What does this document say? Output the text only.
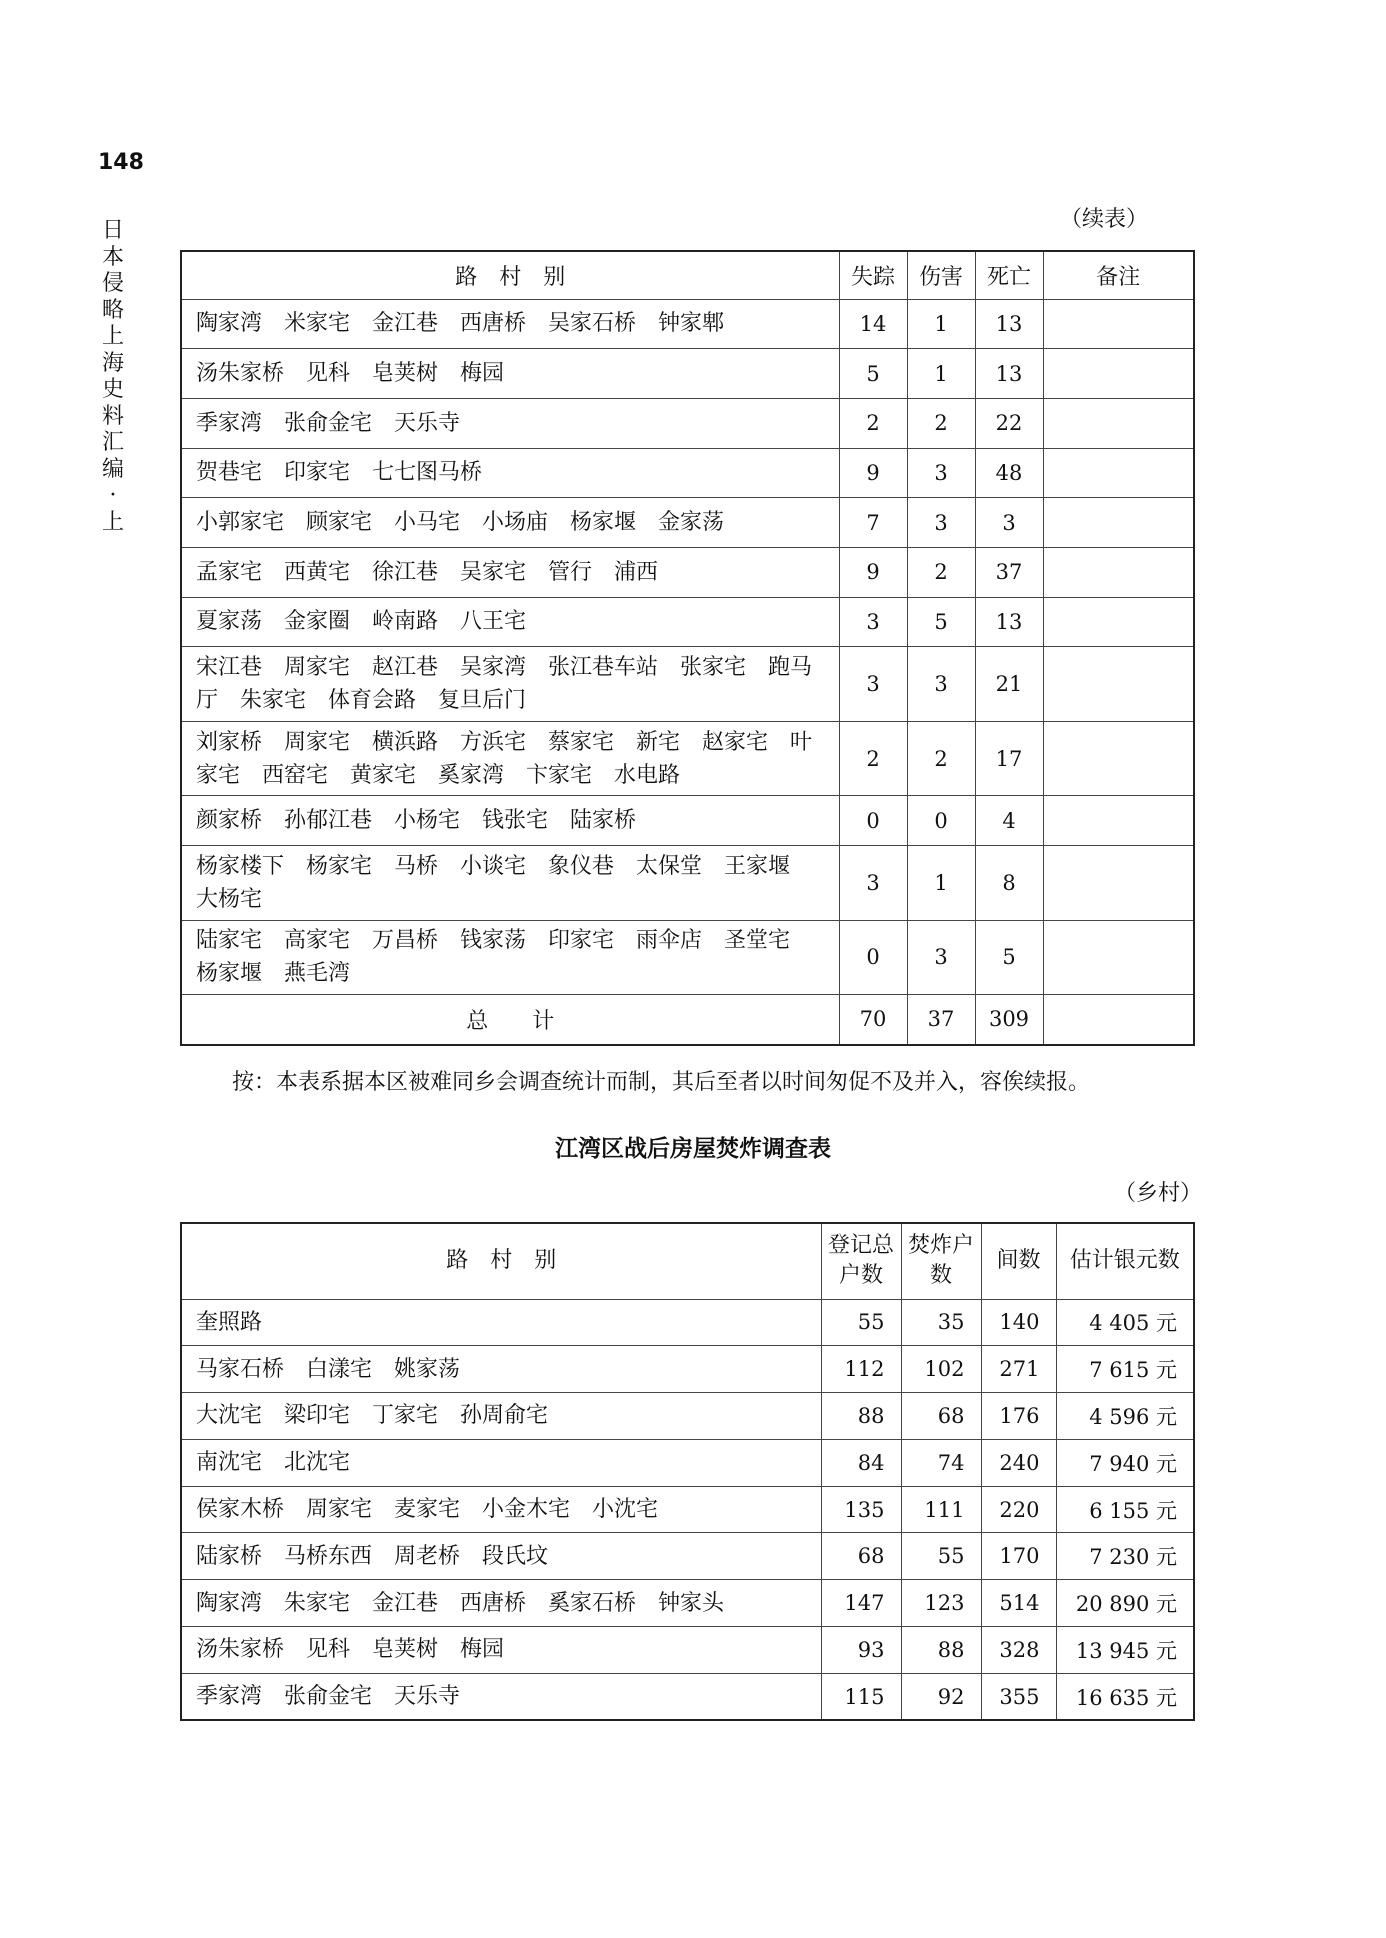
148
日本侵略上海史料汇编·上
（续表）
路　村　别	失踪	伤害	死亡	备注
陶家湾　米家宅　金江巷　西唐桥　吴家石桥　钟家郫	14	1	13	
汤朱家桥　见科　皂荚树　梅园	5	1	13	
季家湾　张俞金宅　天乐寺	2	2	22	
贺巷宅　印家宅　七七图马桥	9	3	48	
小郭家宅　顾家宅　小马宅　小场庙　杨家堰　金家荡	7	3	3	
孟家宅　西黄宅　徐江巷　吴家宅　管行　浦西	9	2	37	
夏家荡　金家圈　岭南路　八王宅	3	5	13	
宋江巷　周家宅　赵江巷　吴家湾　张江巷车站　张家宅　跑马厅　朱家宅　体育会路　复旦后门	3	3	21	
刘家桥　周家宅　横浜路　方浜宅　蔡家宅　新宅　赵家宅　叶家宅　西窑宅　黄家宅　奚家湾　卞家宅　水电路	2	2	17	
颜家桥　孙郁江巷　小杨宅　钱张宅　陆家桥	0	0	4	
杨家楼下　杨家宅　马桥　小谈宅　象仪巷　太保堂　王家堰　大杨宅	3	1	8	
陆家宅　高家宅　万昌桥　钱家荡　印家宅　雨伞店　圣堂宅　杨家堰　燕毛湾	0	3	5	
总　　计	70	37	309	
按：本表系据本区被难同乡会调查统计而制，其后至者以时间匆促不及并入，容俟续报。
江湾区战后房屋焚炸调查表
（乡村）
路　村　别	登记总户数	焚炸户数	间数	估计银元数
奎照路	55	35	140	4 405 元
马家石桥　白漾宅　姚家荡	112	102	271	7 615 元
大沈宅　梁印宅　丁家宅　孙周俞宅	88	68	176	4 596 元
南沈宅　北沈宅	84	74	240	7 940 元
侯家木桥　周家宅　麦家宅　小金木宅　小沈宅	135	111	220	6 155 元
陆家桥　马桥东西　周老桥　段氏坟	68	55	170	7 230 元
陶家湾　朱家宅　金江巷　西唐桥　奚家石桥　钟家头	147	123	514	20 890 元
汤朱家桥　见科　皂荚树　梅园	93	88	328	13 945 元
季家湾　张俞金宅　天乐寺	115	92	355	16 635 元
